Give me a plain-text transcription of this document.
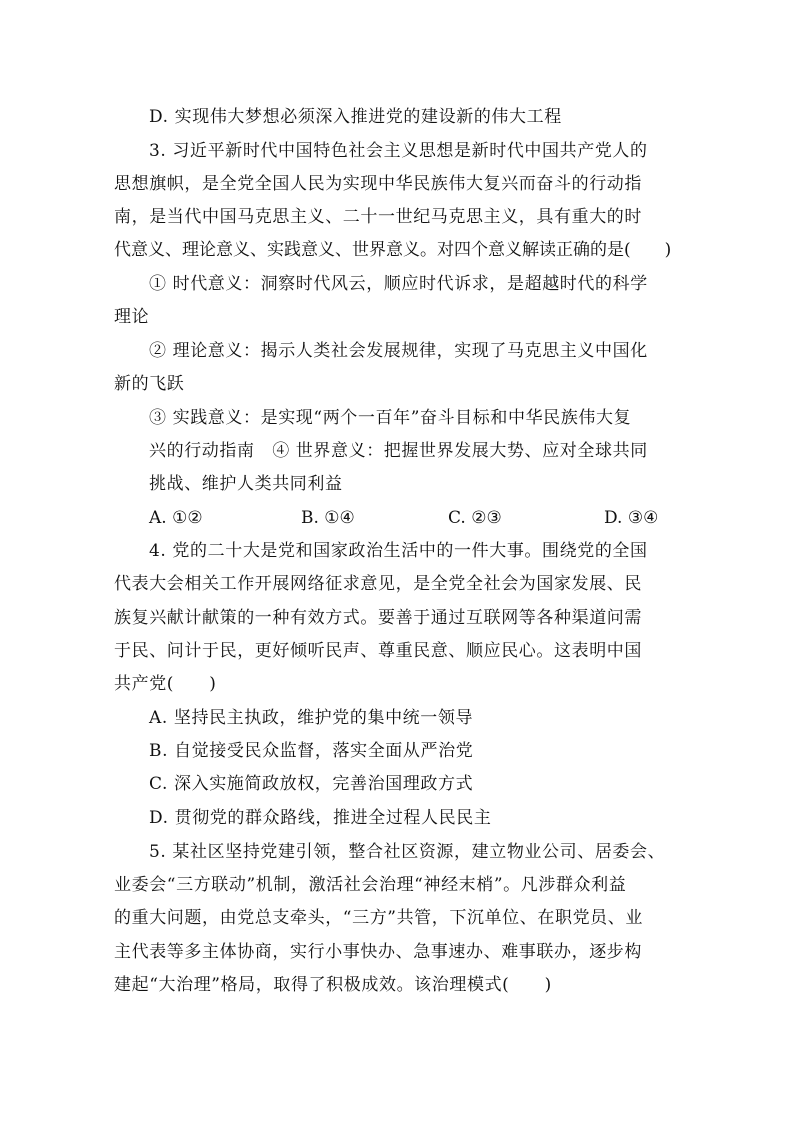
D. 实现伟大梦想必须深入推进党的建设新的伟大工程
3. 习近平新时代中国特色社会主义思想是新时代中国共产党人的
思想旗帜，是全党全国人民为实现中华民族伟大复兴而奋斗的行动指
南，是当代中国马克思主义、二十一世纪马克思主义，具有重大的时
代意义、理论意义、实践意义、世界意义。对四个意义解读正确的是(　　)
① 时代意义：洞察时代风云，顺应时代诉求，是超越时代的科学
理论
② 理论意义：揭示人类社会发展规律，实现了马克思主义中国化
新的飞跃
③ 实践意义：是实现“两个一百年”奋斗目标和中华民族伟大复
兴的行动指南　④ 世界意义：把握世界发展大势、应对全球共同
挑战、维护人类共同利益
A. ①②	B. ①④	C. ②③	D. ③④
4. 党的二十大是党和国家政治生活中的一件大事。围绕党的全国
代表大会相关工作开展网络征求意见，是全党全社会为国家发展、民
族复兴献计献策的一种有效方式。要善于通过互联网等各种渠道问需
于民、问计于民，更好倾听民声、尊重民意、顺应民心。这表明中国
共产党(　　)
A. 坚持民主执政，维护党的集中统一领导
B. 自觉接受民众监督，落实全面从严治党
C. 深入实施简政放权，完善治国理政方式
D. 贯彻党的群众路线，推进全过程人民民主
5. 某社区坚持党建引领，整合社区资源，建立物业公司、居委会、
业委会“三方联动”机制，激活社会治理“神经末梢”。凡涉群众利益
的重大问题，由党总支牵头，“三方”共管，下沉单位、在职党员、业
主代表等多主体协商，实行小事快办、急事速办、难事联办，逐步构
建起“大治理”格局，取得了积极成效。该治理模式(　　)
